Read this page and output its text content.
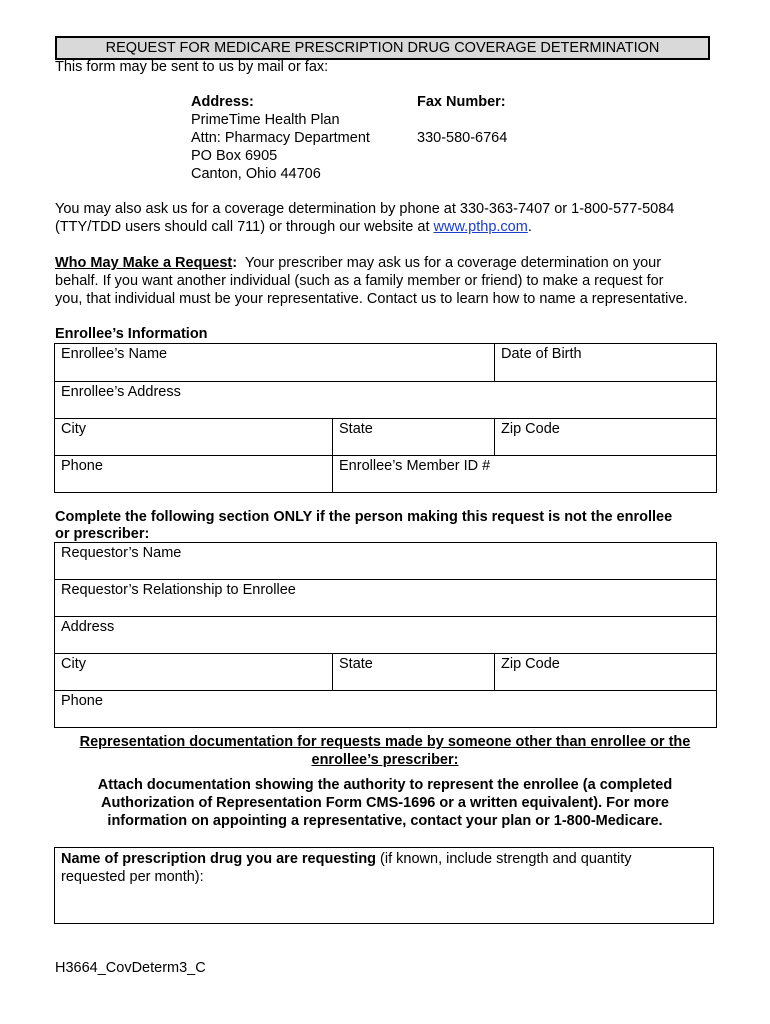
REQUEST FOR MEDICARE PRESCRIPTION DRUG COVERAGE DETERMINATION
This form may be sent to us by mail or fax:
Address:
PrimeTime Health Plan
Attn: Pharmacy Department
PO Box 6905
Canton, Ohio 44706
Fax Number:
330-580-6764
You may also ask us for a coverage determination by phone at 330-363-7407 or 1-800-577-5084
(TTY/TDD users should call 711) or through our website at www.pthp.com.
Who May Make a Request:  Your prescriber may ask us for a coverage determination on your
behalf. If you want another individual (such as a family member or friend) to make a request for
you, that individual must be your representative. Contact us to learn how to name a representative.
Enrollee’s Information
Enrollee’s Name		Date of Birth
Enrollee’s Address		
City	State	Zip Code
Phone	Enrollee’s Member ID #	
Complete the following section ONLY if the person making this request is not the enrollee
or prescriber:
Requestor’s Name
Requestor’s Relationship to Enrollee
Address
City	State	Zip Code
Phone
Representation documentation for requests made by someone other than enrollee or the
enrollee’s prescriber:
Attach documentation showing the authority to represent the enrollee (a completed
Authorization of Representation Form CMS-1696 or a written equivalent). For more
information on appointing a representative, contact your plan or 1-800-Medicare.
Name of prescription drug you are requesting (if known, include strength and quantity
requested per month):
H3664_CovDeterm3_C
